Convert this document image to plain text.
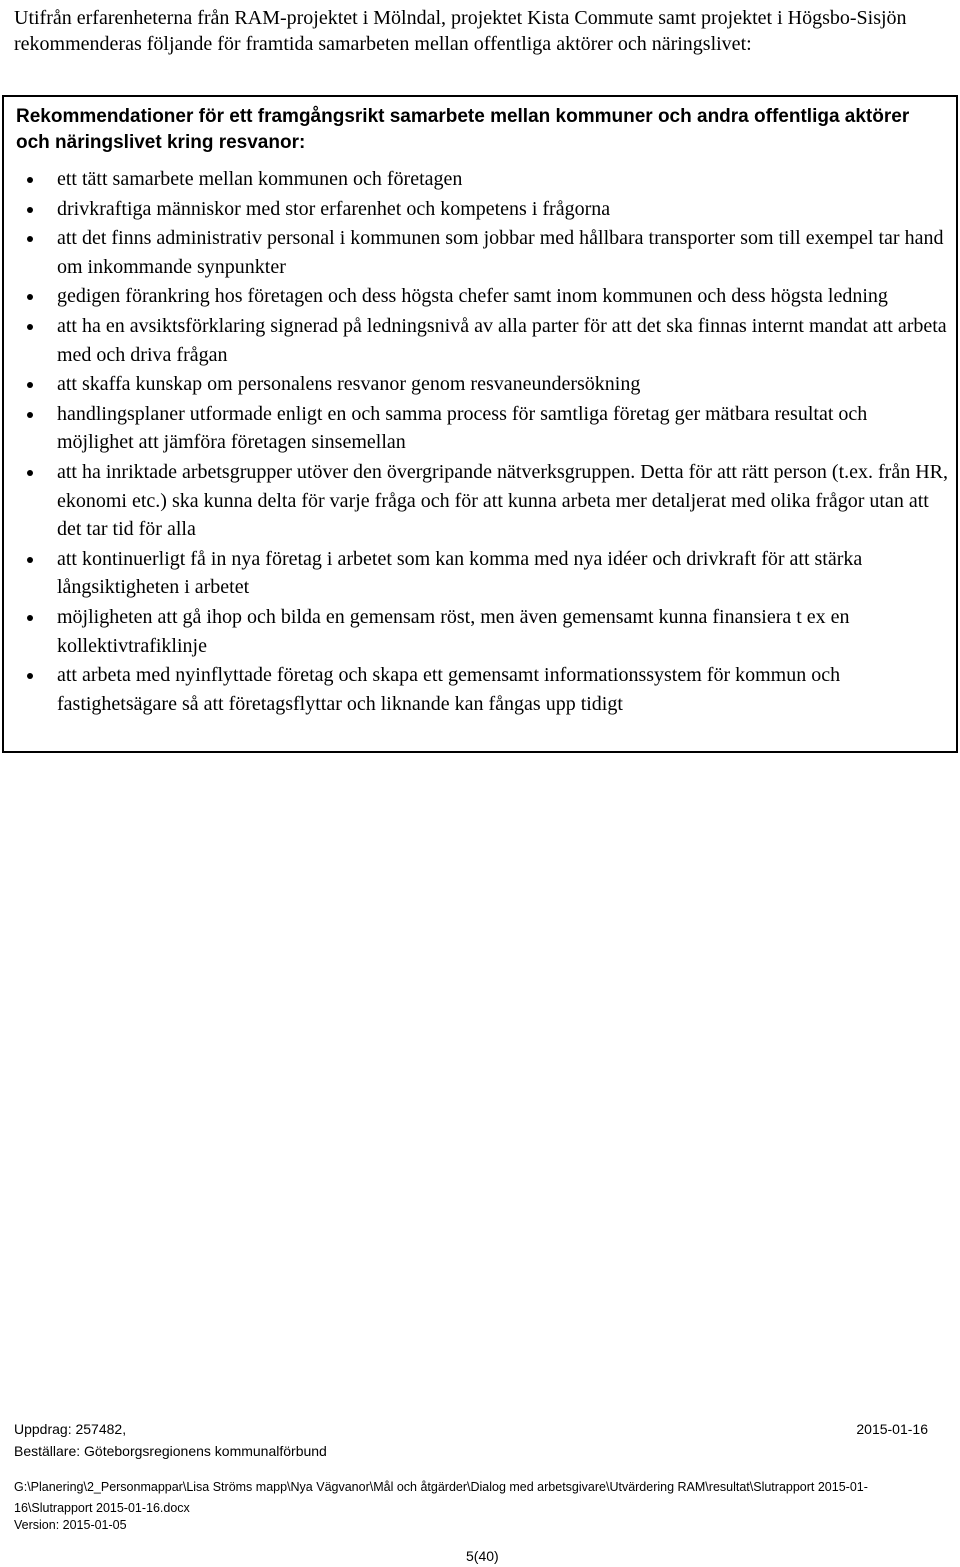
Utifrån erfarenheterna från RAM-projektet i Mölndal, projektet Kista Commute samt projektet i Högsbo-Sisjön rekommenderas följande för framtida samarbeten mellan offentliga aktörer och näringslivet:

Rekommendationer för ett framgångsrikt samarbete mellan kommuner och andra offentliga aktörer och näringslivet kring resvanor:

ett tätt samarbete mellan kommunen och företagen
drivkraftiga människor med stor erfarenhet och kompetens i frågorna
att det finns administrativ personal i kommunen som jobbar med hållbara transporter som till exempel tar hand om inkommande synpunkter
gedigen förankring hos företagen och dess högsta chefer samt inom kommunen och dess högsta ledning
att ha en avsiktsförklaring signerad på ledningsnivå av alla parter för att det ska finnas internt mandat att arbeta med och driva frågan
att skaffa kunskap om personalens resvanor genom resvaneundersökning
handlingsplaner utformade enligt en och samma process för samtliga företag ger mätbara resultat och möjlighet att jämföra företagen sinsemellan
att ha inriktade arbetsgrupper utöver den övergripande nätverksgruppen. Detta för att rätt person (t.ex. från HR, ekonomi etc.) ska kunna delta för varje fråga och för att kunna arbeta mer detaljerat med olika frågor utan att det tar tid för alla
att kontinuerligt få in nya företag i arbetet som kan komma med nya idéer och drivkraft för att stärka långsiktigheten i arbetet
möjligheten att gå ihop och bilda en gemensam röst, men även gemensamt kunna finansiera t ex en kollektivtrafiklinje
att arbeta med nyinflyttade företag och skapa ett gemensamt informationssystem för kommun och fastighetsägare så att företagsflyttar och liknande kan fångas upp tidigt
Uppdrag: 257482,	2015-01-16
Beställare: Göteborgsregionens kommunalförbund
G:\Planering\2_Personmappar\Lisa Ströms mapp\Nya Vägvanor\Mål och åtgärder\Dialog med arbetsgivare\Utvärdering RAM\resultat\Slutrapport 2015-01-16\Slutrapport 2015-01-16.docx
Version: 2015-01-05
5(40)
